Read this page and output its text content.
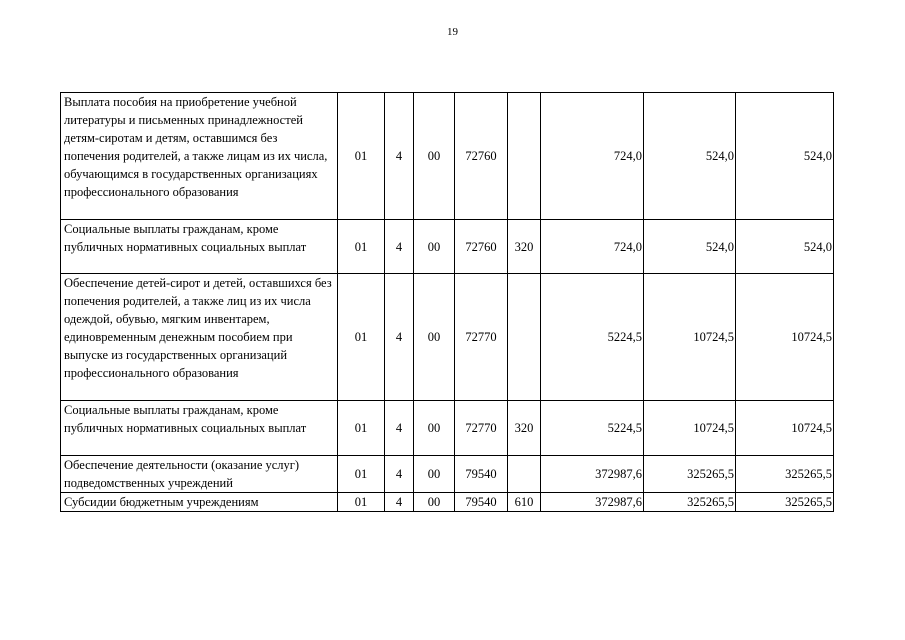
19
Выплата пособия на приобретение учебной литературы и письменных принадлежностей детям-сиротам и детям, оставшимся без попечения родителей, а также лицам из их числа, обучающимся в государственных организациях профессионального образования	01	4	00	72760		724,0	524,0	524,0
Социальные выплаты гражданам, кроме публичных нормативных социальных выплат	01	4	00	72760	320	724,0	524,0	524,0
Обеспечение детей-сирот и детей, оставшихся без попечения родителей, а также лиц из их числа одеждой, обувью, мягким инвентарем, единовременным денежным пособием при выпуске из государственных организаций профессионального образования	01	4	00	72770		5224,5	10724,5	10724,5
Социальные выплаты гражданам, кроме публичных нормативных социальных выплат	01	4	00	72770	320	5224,5	10724,5	10724,5
Обеспечение деятельности (оказание услуг) подведомственных учреждений	01	4	00	79540		372987,6	325265,5	325265,5
Субсидии бюджетным учреждениям	01	4	00	79540	610	372987,6	325265,5	325265,5
